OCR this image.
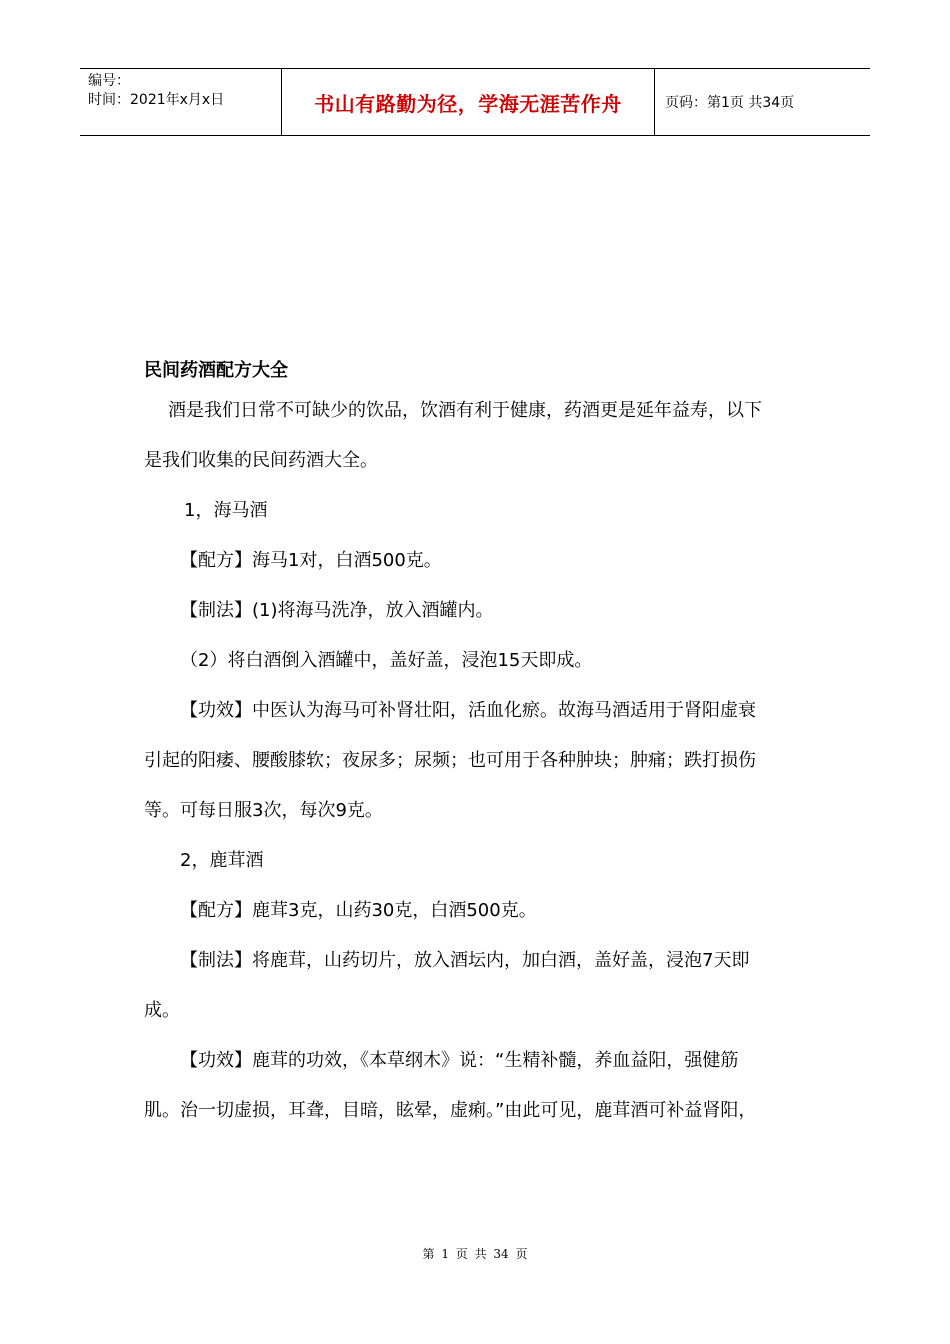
编号：
时间：2021年x月x日	书山有路勤为径，学海无涯苦作舟	页码：第1页 共34页
民间药酒配方大全
酒是我们日常不可缺少的饮品，饮酒有利于健康，药酒更是延年益寿，以下
是我们收集的民间药酒大全。
1，海马酒
【配方】海马1对，白酒500克。
【制法】(1)将海马洗净，放入酒罐内。
（2）将白酒倒入酒罐中，盖好盖，浸泡15天即成。
【功效】中医认为海马可补肾壮阳，活血化瘀。故海马酒适用于肾阳虚衰
引起的阳痿、腰酸膝软；夜尿多；尿频；也可用于各种肿块；肿痛；跌打损伤
等。可每日服3次，每次9克。
2，鹿茸酒
【配方】鹿茸3克，山药30克，白酒500克。
【制法】将鹿茸，山药切片，放入酒坛内，加白酒，盖好盖，浸泡7天即
成。
【功效】鹿茸的功效，《本草纲木》说：“生精补髓，养血益阳，强健筋
肌。治一切虚损，耳聋，目暗，眩晕，虚痢。”由此可见，鹿茸酒可补益肾阳，
第 1 页 共 34 页
